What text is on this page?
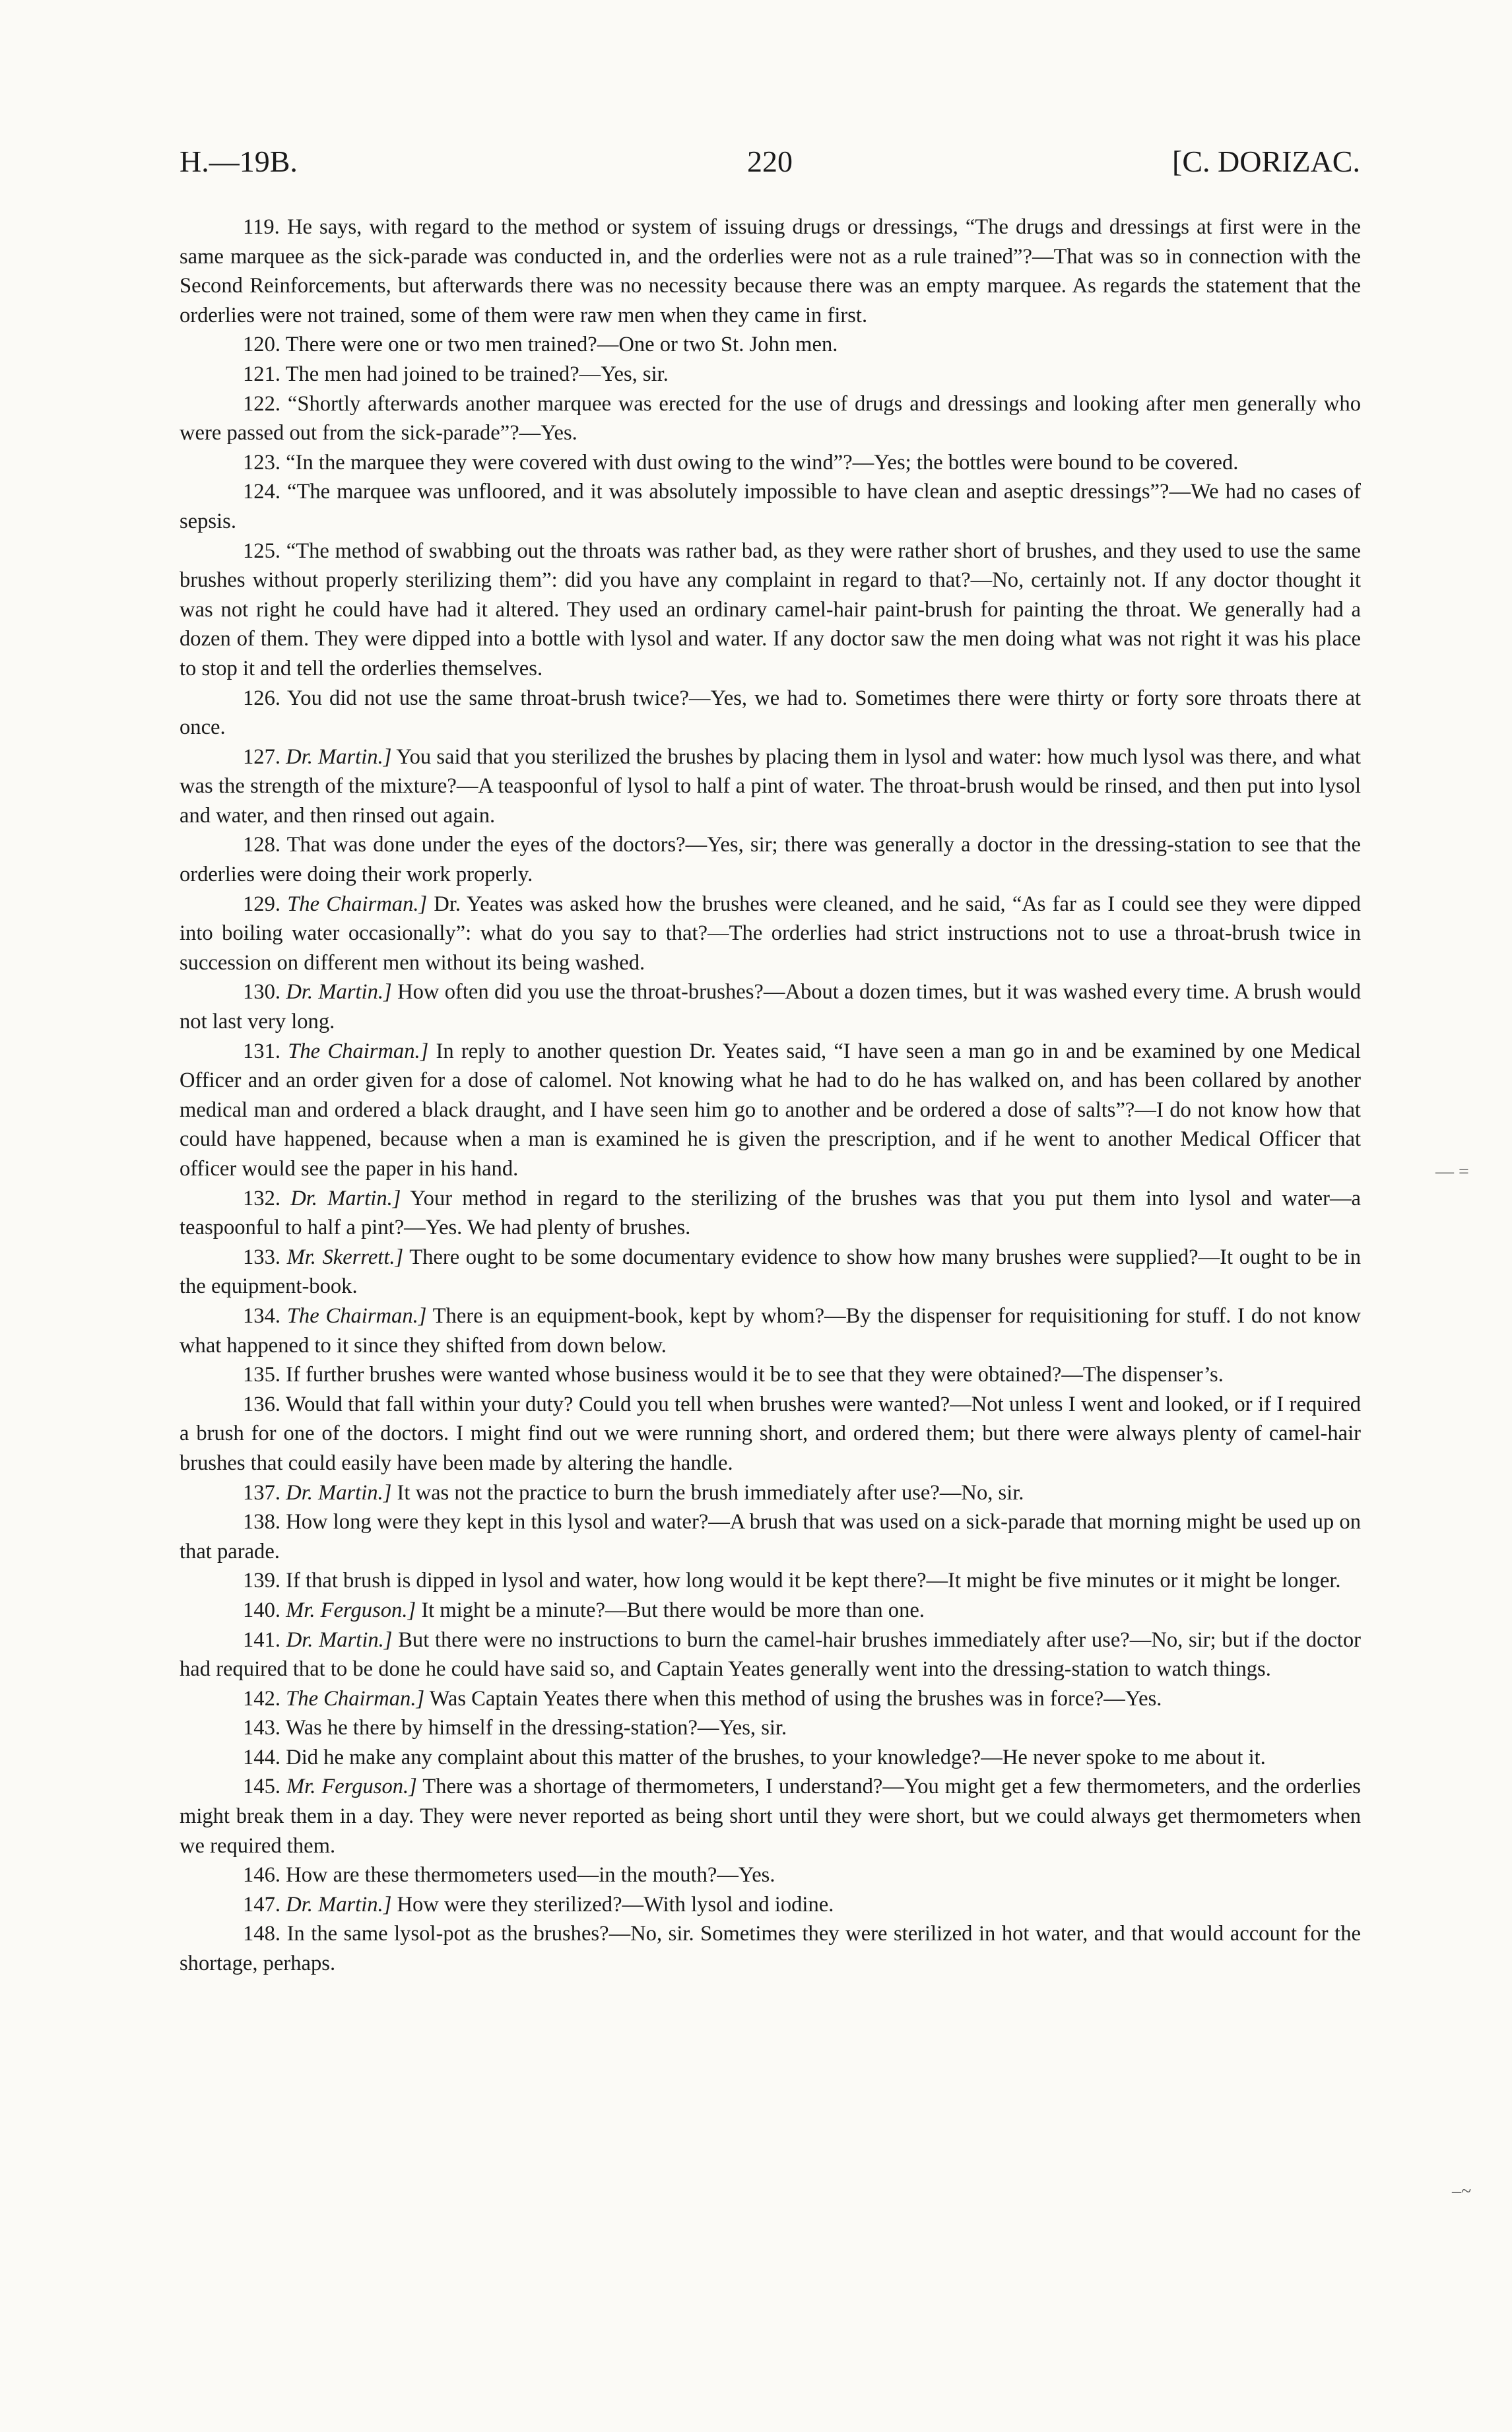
H.—19B.	220	[C. DORIZAC.

119. He says, with regard to the method or system of issuing drugs or dressings, “The drugs and dressings at first were in the same marquee as the sick-parade was conducted in, and the orderlies were not as a rule trained”?—That was so in connection with the Second Reinforcements, but afterwards there was no necessity because there was an empty marquee. As regards the statement that the orderlies were not trained, some of them were raw men when they came in first.

120. There were one or two men trained?—One or two St. John men.

121. The men had joined to be trained?—Yes, sir.

122. “Shortly afterwards another marquee was erected for the use of drugs and dressings and looking after men generally who were passed out from the sick-parade”?—Yes.

123. “In the marquee they were covered with dust owing to the wind”?—Yes; the bottles were bound to be covered.

124. “The marquee was unfloored, and it was absolutely impossible to have clean and aseptic dressings”?—We had no cases of sepsis.

125. “The method of swabbing out the throats was rather bad, as they were rather short of brushes, and they used to use the same brushes without properly sterilizing them”: did you have any complaint in regard to that?—No, certainly not. If any doctor thought it was not right he could have had it altered. They used an ordinary camel-hair paint-brush for painting the throat. We generally had a dozen of them. They were dipped into a bottle with lysol and water. If any doctor saw the men doing what was not right it was his place to stop it and tell the orderlies themselves.

126. You did not use the same throat-brush twice?—Yes, we had to. Sometimes there were thirty or forty sore throats there at once.

127. Dr. Martin.] You said that you sterilized the brushes by placing them in lysol and water: how much lysol was there, and what was the strength of the mixture?—A teaspoonful of lysol to half a pint of water. The throat-brush would be rinsed, and then put into lysol and water, and then rinsed out again.

128. That was done under the eyes of the doctors?—Yes, sir; there was generally a doctor in the dressing-station to see that the orderlies were doing their work properly.

129. The Chairman.] Dr. Yeates was asked how the brushes were cleaned, and he said, “As far as I could see they were dipped into boiling water occasionally”: what do you say to that?—The orderlies had strict instructions not to use a throat-brush twice in succession on different men without its being washed.

130. Dr. Martin.] How often did you use the throat-brushes?—About a dozen times, but it was washed every time. A brush would not last very long.

131. The Chairman.] In reply to another question Dr. Yeates said, “I have seen a man go in and be examined by one Medical Officer and an order given for a dose of calomel. Not knowing what he had to do he has walked on, and has been collared by another medical man and ordered a black draught, and I have seen him go to another and be ordered a dose of salts”?—I do not know how that could have happened, because when a man is examined he is given the prescription, and if he went to another Medical Officer that officer would see the paper in his hand.

132. Dr. Martin.] Your method in regard to the sterilizing of the brushes was that you put them into lysol and water—a teaspoonful to half a pint?—Yes. We had plenty of brushes.

133. Mr. Skerrett.] There ought to be some documentary evidence to show how many brushes were supplied?—It ought to be in the equipment-book.

134. The Chairman.] There is an equipment-book, kept by whom?—By the dispenser for requisitioning for stuff. I do not know what happened to it since they shifted from down below.

135. If further brushes were wanted whose business would it be to see that they were obtained?—The dispenser’s.

136. Would that fall within your duty? Could you tell when brushes were wanted?—Not unless I went and looked, or if I required a brush for one of the doctors. I might find out we were running short, and ordered them; but there were always plenty of camel-hair brushes that could easily have been made by altering the handle.

137. Dr. Martin.] It was not the practice to burn the brush immediately after use?—No, sir.

138. How long were they kept in this lysol and water?—A brush that was used on a sick-parade that morning might be used up on that parade.

139. If that brush is dipped in lysol and water, how long would it be kept there?—It might be five minutes or it might be longer.

140. Mr. Ferguson.] It might be a minute?—But there would be more than one.

141. Dr. Martin.] But there were no instructions to burn the camel-hair brushes immediately after use?—No, sir; but if the doctor had required that to be done he could have said so, and Captain Yeates generally went into the dressing-station to watch things.

142. The Chairman.] Was Captain Yeates there when this method of using the brushes was in force?—Yes.

143. Was he there by himself in the dressing-station?—Yes, sir.

144. Did he make any complaint about this matter of the brushes, to your knowledge?—He never spoke to me about it.

145. Mr. Ferguson.] There was a shortage of thermometers, I understand?—You might get a few thermometers, and the orderlies might break them in a day. They were never reported as being short until they were short, but we could always get thermometers when we required them.

146. How are these thermometers used—in the mouth?—Yes.

147. Dr. Martin.] How were they sterilized?—With lysol and iodine.

148. In the same lysol-pot as the brushes?—No, sir. Sometimes they were sterilized in hot water, and that would account for the shortage, perhaps.

— =
–~
